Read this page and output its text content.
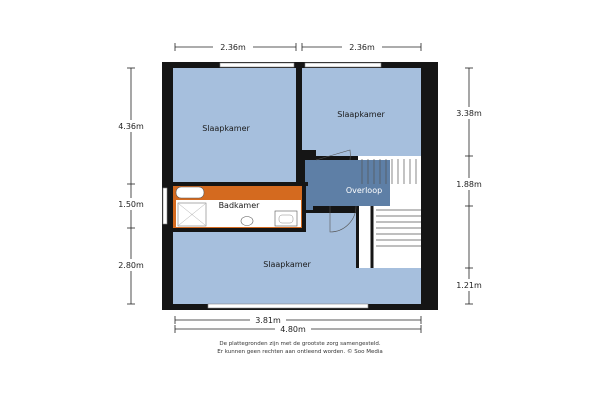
Slaapkamer
Slaapkamer
Overloop
Badkamer
Slaapkamer
2.36m	2.36m
4.36m
1.50m
2.80m
3.38m
1.88m
1.21m
3.81m
4.80m
De plattegronden zijn met de grootste zorg samengesteld.
Er kunnen geen rechten aan ontleend worden. © Soo Media
